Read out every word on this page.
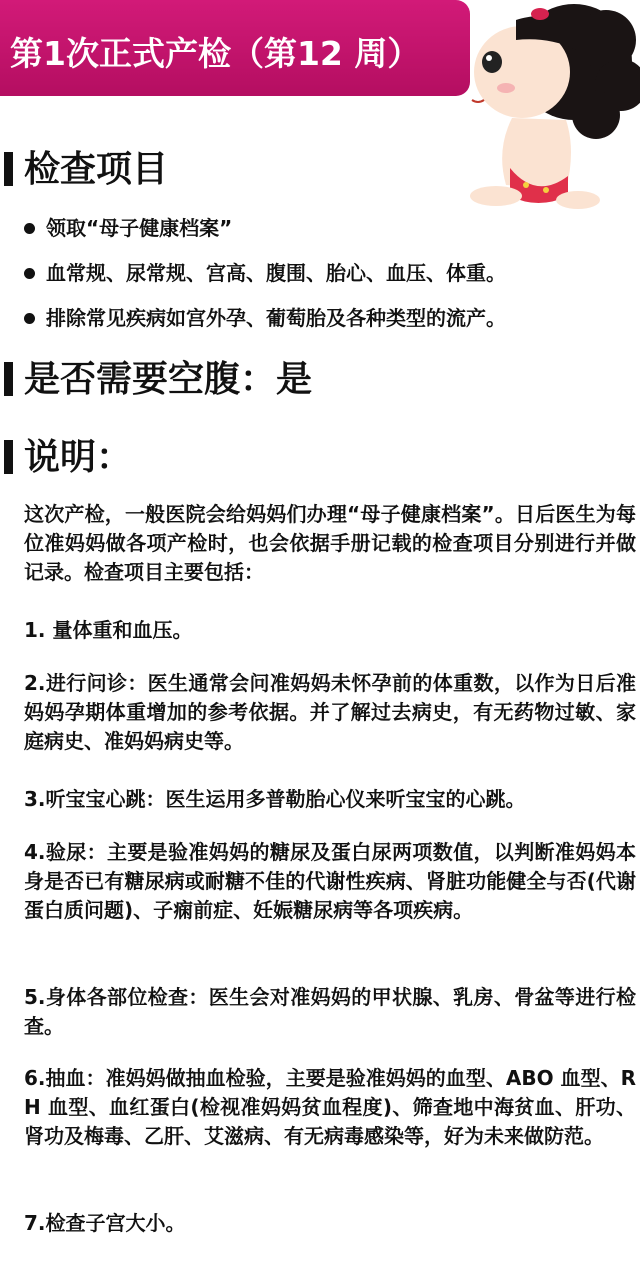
第1次正式产检（第12 周）
检查项目
领取“母子健康档案”
血常规、尿常规、宫高、腹围、胎心、血压、体重。
排除常见疾病如宫外孕、葡萄胎及各种类型的流产。
是否需要空腹：是
说明：
这次产检，一般医院会给妈妈们办理“母子健康档案”。日后医生为每位准妈妈做各项产检时，也会依据手册记载的检查项目分别进行并做记录。检查项目主要包括：
1. 量体重和血压。
2.进行问诊：医生通常会问准妈妈未怀孕前的体重数，以作为日后准妈妈孕期体重增加的参考依据。并了解过去病史，有无药物过敏、家庭病史、准妈妈病史等。
3.听宝宝心跳：医生运用多普勒胎心仪来听宝宝的心跳。
4.验尿：主要是验准妈妈的糖尿及蛋白尿两项数值，以判断准妈妈本身是否已有糖尿病或耐糖不佳的代谢性疾病、肾脏功能健全与否(代谢蛋白质问题)、子痫前症、妊娠糖尿病等各项疾病。
5.身体各部位检查：医生会对准妈妈的甲状腺、乳房、骨盆等进行检查。
6.抽血：准妈妈做抽血检验，主要是验准妈妈的血型、ABO 血型、RH 血型、血红蛋白(检视准妈妈贫血程度)、筛查地中海贫血、肝功、肾功及梅毒、乙肝、艾滋病、有无病毒感染等，好为未来做防范。
7.检查子宫大小。
